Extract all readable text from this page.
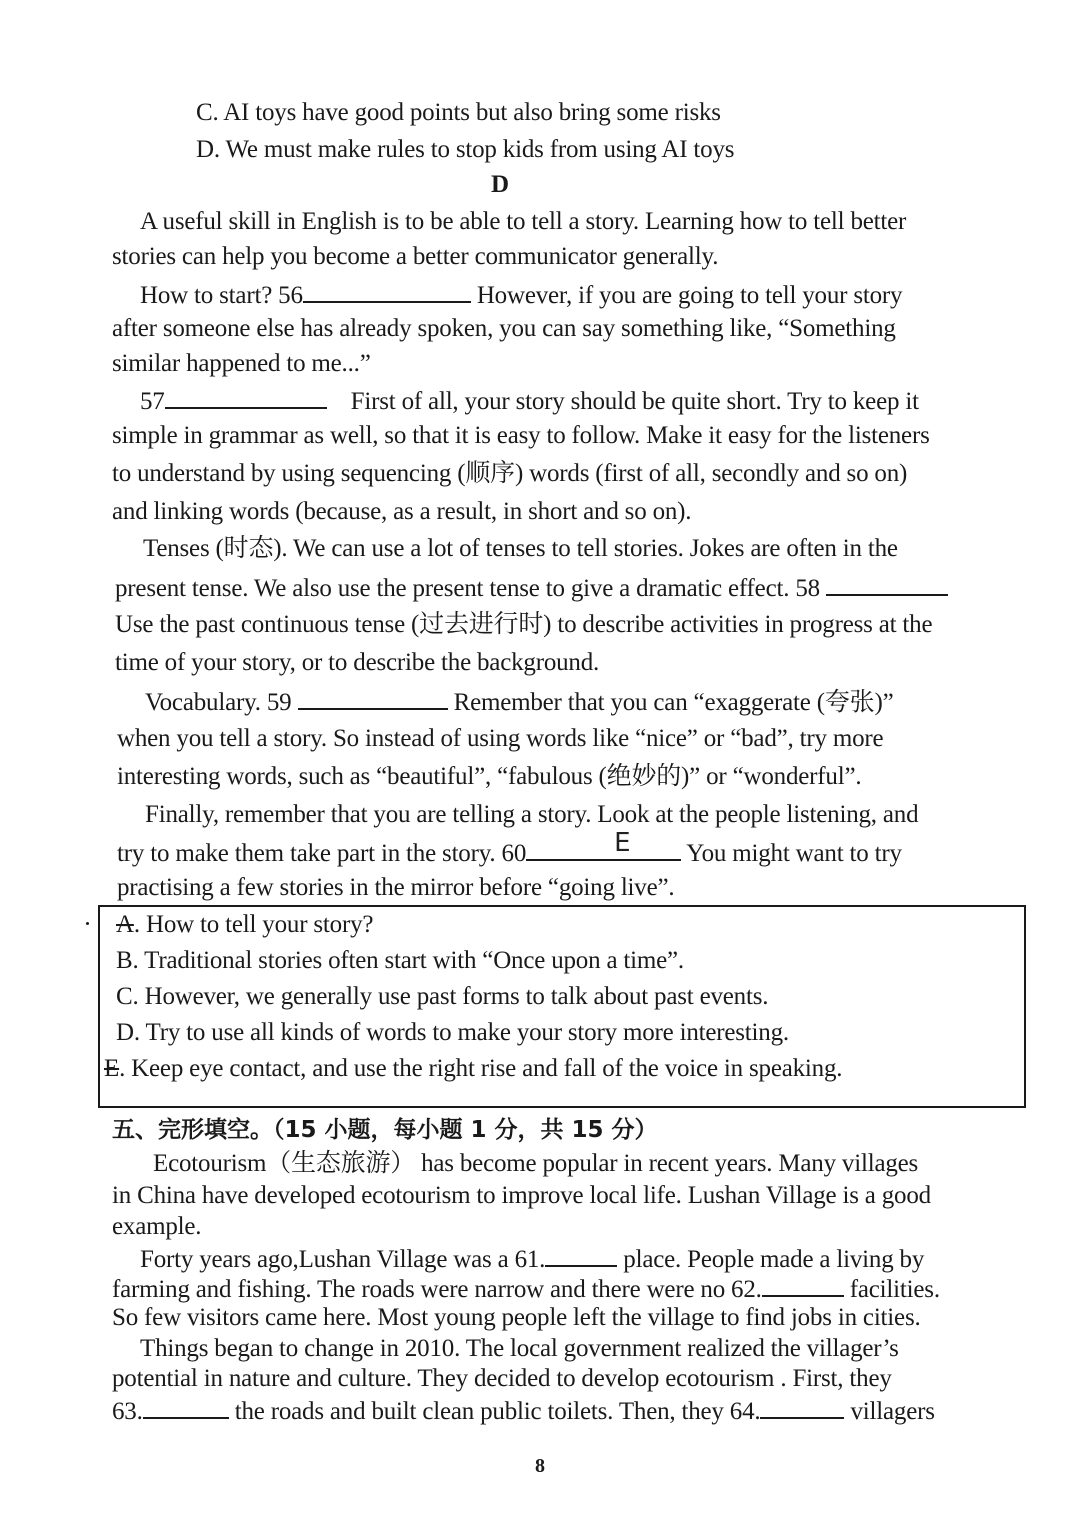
C. AI toys have good points but also bring some risks
D. We must make rules to stop kids from using AI toys
D
A useful skill in English is to be able to tell a story. Learning how to tell better
stories can help you become a better communicator generally.
How to start? 56	However, if you are going to tell your story
after someone else has already spoken, you can say something like, “Something
similar happened to me...”
57	First of all, your story should be quite short. Try to keep it
simple in grammar as well, so that it is easy to follow. Make it easy for the listeners
to understand by using sequencing (顺序) words (first of all, secondly and so on)
and linking words (because, as a result, in short and so on).
Tenses (时态). We can use a lot of tenses to tell stories. Jokes are often in the
present tense. We also use the present tense to give a dramatic effect. 58
Use the past continuous tense (过去进行时) to describe activities in progress at the
time of your story, or to describe the background.
Vocabulary. 59	Remember that you can “exaggerate (夸张)”
when you tell a story. So instead of using words like “nice” or “bad”, try more
interesting words, such as “beautiful”, “fabulous (绝妙的)” or “wonderful”.
Finally, remember that you are telling a story. Look at the people listening, and
try to make them take part in the story. 60	E You might want to try
practising a few stories in the mirror before “going live”.
A. How to tell your story?
B. Traditional stories often start with “Once upon a time”.
C. However, we generally use past forms to talk about past events.
D. Try to use all kinds of words to make your story more interesting.
E. Keep eye contact, and use the right rise and fall of the voice in speaking.
五、完形填空。（15 小题，每小题 1 分，共 15 分）
Ecotourism（生态旅游） has become popular in recent years. Many villages
in China have developed ecotourism to improve local life. Lushan Village is a good
example.
Forty years ago,Lushan Village was a 61.	place. People made a living by
farming and fishing. The roads were narrow and there were no 62.	facilities.
So few visitors came here. Most young people left the village to find jobs in cities.
Things began to change in 2010. The local government realized the villager’s
potential in nature and culture. They decided to develop ecotourism . First, they
63.	the roads and built clean public toilets. Then, they 64.	villagers
8
